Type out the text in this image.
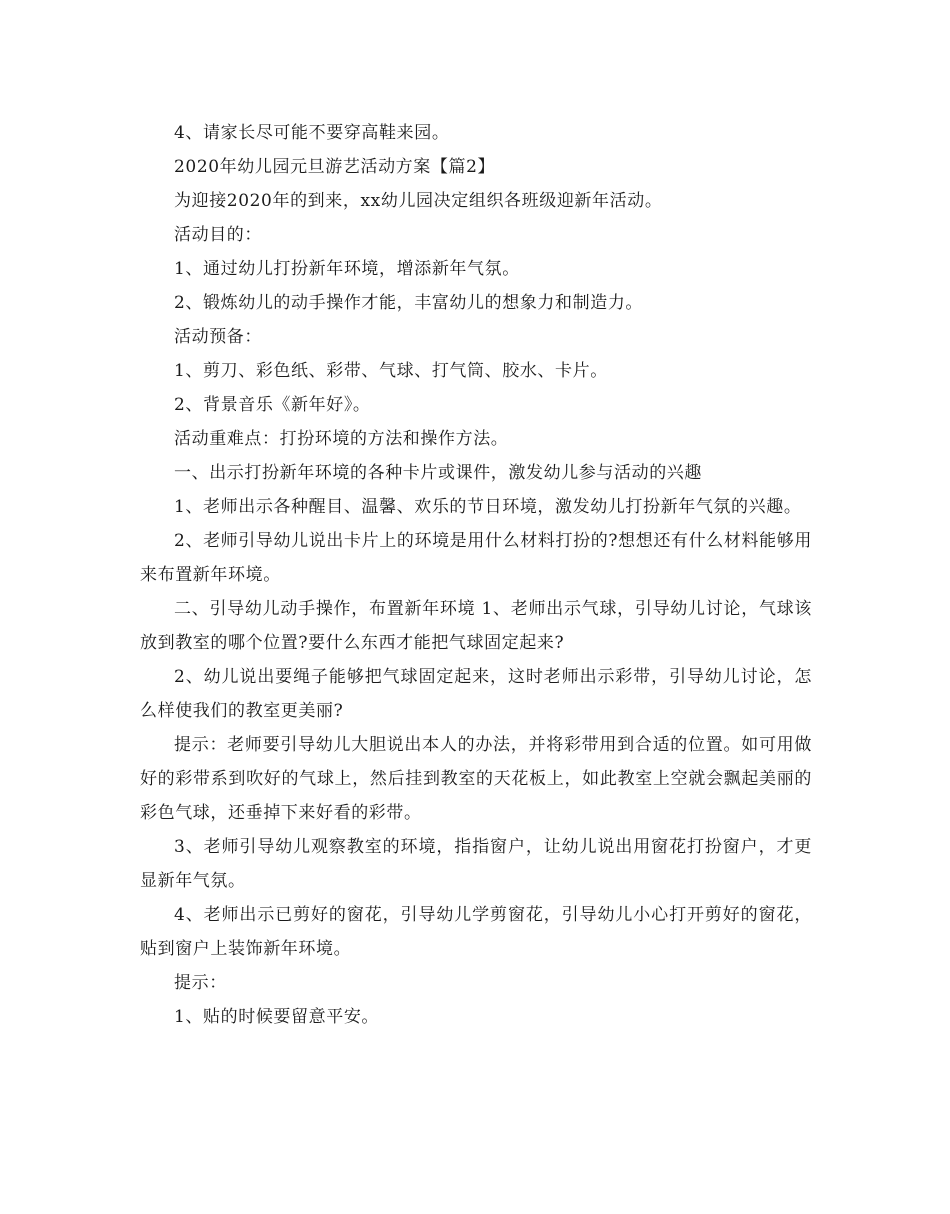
4、请家长尽可能不要穿高鞋来园。

2020年幼儿园元旦游艺活动方案【篇2】

为迎接2020年的到来，xx幼儿园决定组织各班级迎新年活动。

活动目的：

1、通过幼儿打扮新年环境，增添新年气氛。

2、锻炼幼儿的动手操作才能，丰富幼儿的想象力和制造力。

活动预备：

1、剪刀、彩色纸、彩带、气球、打气筒、胶水、卡片。

2、背景音乐《新年好》。

活动重难点：打扮环境的方法和操作方法。

一、出示打扮新年环境的各种卡片或课件，激发幼儿参与活动的兴趣

1、老师出示各种醒目、温馨、欢乐的节日环境，激发幼儿打扮新年气氛的兴趣。

2、老师引导幼儿说出卡片上的环境是用什么材料打扮的?想想还有什么材料能够用来布置新年环境。

二、引导幼儿动手操作，布置新年环境 1、老师出示气球，引导幼儿讨论，气球该放到教室的哪个位置?要什么东西才能把气球固定起来?

2、幼儿说出要绳子能够把气球固定起来，这时老师出示彩带，引导幼儿讨论，怎么样使我们的教室更美丽?

提示：老师要引导幼儿大胆说出本人的办法，并将彩带用到合适的位置。如可用做好的彩带系到吹好的气球上，然后挂到教室的天花板上，如此教室上空就会飘起美丽的彩色气球，还垂掉下来好看的彩带。

3、老师引导幼儿观察教室的环境，指指窗户，让幼儿说出用窗花打扮窗户，才更显新年气氛。

4、老师出示已剪好的窗花，引导幼儿学剪窗花，引导幼儿小心打开剪好的窗花，贴到窗户上装饰新年环境。

提示：

1、贴的时候要留意平安。
